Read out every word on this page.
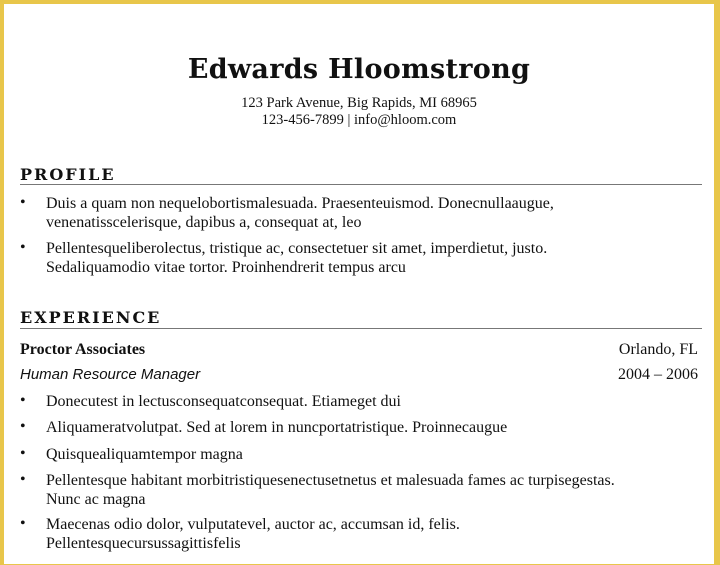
Edwards Hloomstrong
123 Park Avenue, Big Rapids, MI 68965
123-456-7899 | info@hloom.com
PROFILE
• Duis a quam non nequelobortismalesuada. Praesenteuismod. Donecnullaaugue,
venenatisscelerisque, dapibus a, consequat at, leo
• Pellentesqueliberolectus, tristique ac, consectetuer sit amet, imperdietut, justo.
Sedaliquamodio vitae tortor. Proinhendrerit tempus arcu
EXPERIENCE
Proctor Associates	Orlando, FL
Human Resource Manager	2004 – 2006
• Donecutest in lectusconsequatconsequat. Etiameget dui
• Aliquameratvolutpat. Sed at lorem in nuncportatristique. Proinnecaugue
• Quisquealiquamtempor magna
• Pellentesque habitant morbitristiquesenectusetnetus et malesuada fames ac turpisegestas.
Nunc ac magna
• Maecenas odio dolor, vulputatevel, auctor ac, accumsan id, felis.
Pellentesquecursussagittisfelis
